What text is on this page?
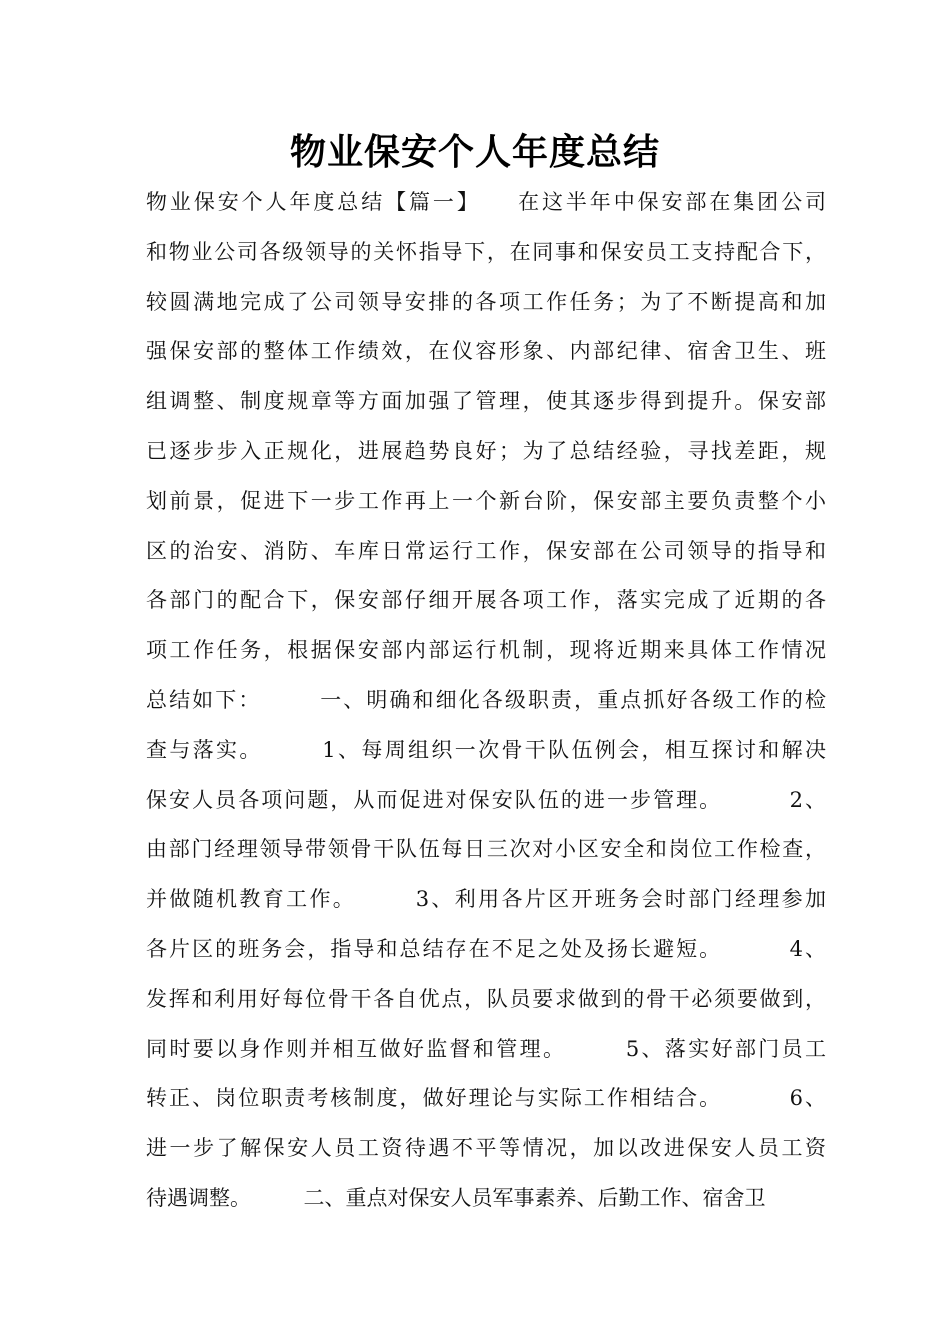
物业保安个人年度总结
物业保安个人年度总结【篇一】　　在这半年中保安部在集团公司
和物业公司各级领导的关怀指导下，在同事和保安员工支持配合下，
较圆满地完成了公司领导安排的各项工作任务；为了不断提高和加
强保安部的整体工作绩效，在仪容形象、内部纪律、宿舍卫生、班
组调整、制度规章等方面加强了管理，使其逐步得到提升。保安部
已逐步步入正规化，进展趋势良好；为了总结经验，寻找差距，规
划前景，促进下一步工作再上一个新台阶，保安部主要负责整个小
区的治安、消防、车库日常运行工作，保安部在公司领导的指导和
各部门的配合下，保安部仔细开展各项工作，落实完成了近期的各
项工作任务，根据保安部内部运行机制，现将近期来具体工作情况
总结如下：　　　一、明确和细化各级职责，重点抓好各级工作的检
查与落实。　　　1、每周组织一次骨干队伍例会，相互探讨和解决
保安人员各项问题，从而促进对保安队伍的进一步管理。　　　 2、
由部门经理领导带领骨干队伍每日三次对小区安全和岗位工作检查，
并做随机教育工作。　　　3、利用各片区开班务会时部门经理参加
各片区的班务会，指导和总结存在不足之处及扬长避短。　　　 4、
发挥和利用好每位骨干各自优点，队员要求做到的骨干必须要做到，
同时要以身作则并相互做好监督和管理。　　　5、落实好部门员工
转正、岗位职责考核制度，做好理论与实际工作相结合。　　　 6、
进一步了解保安人员工资待遇不平等情况，加以改进保安人员工资
待遇调整。　　　二、重点对保安人员军事素养、后勤工作、宿舍卫
